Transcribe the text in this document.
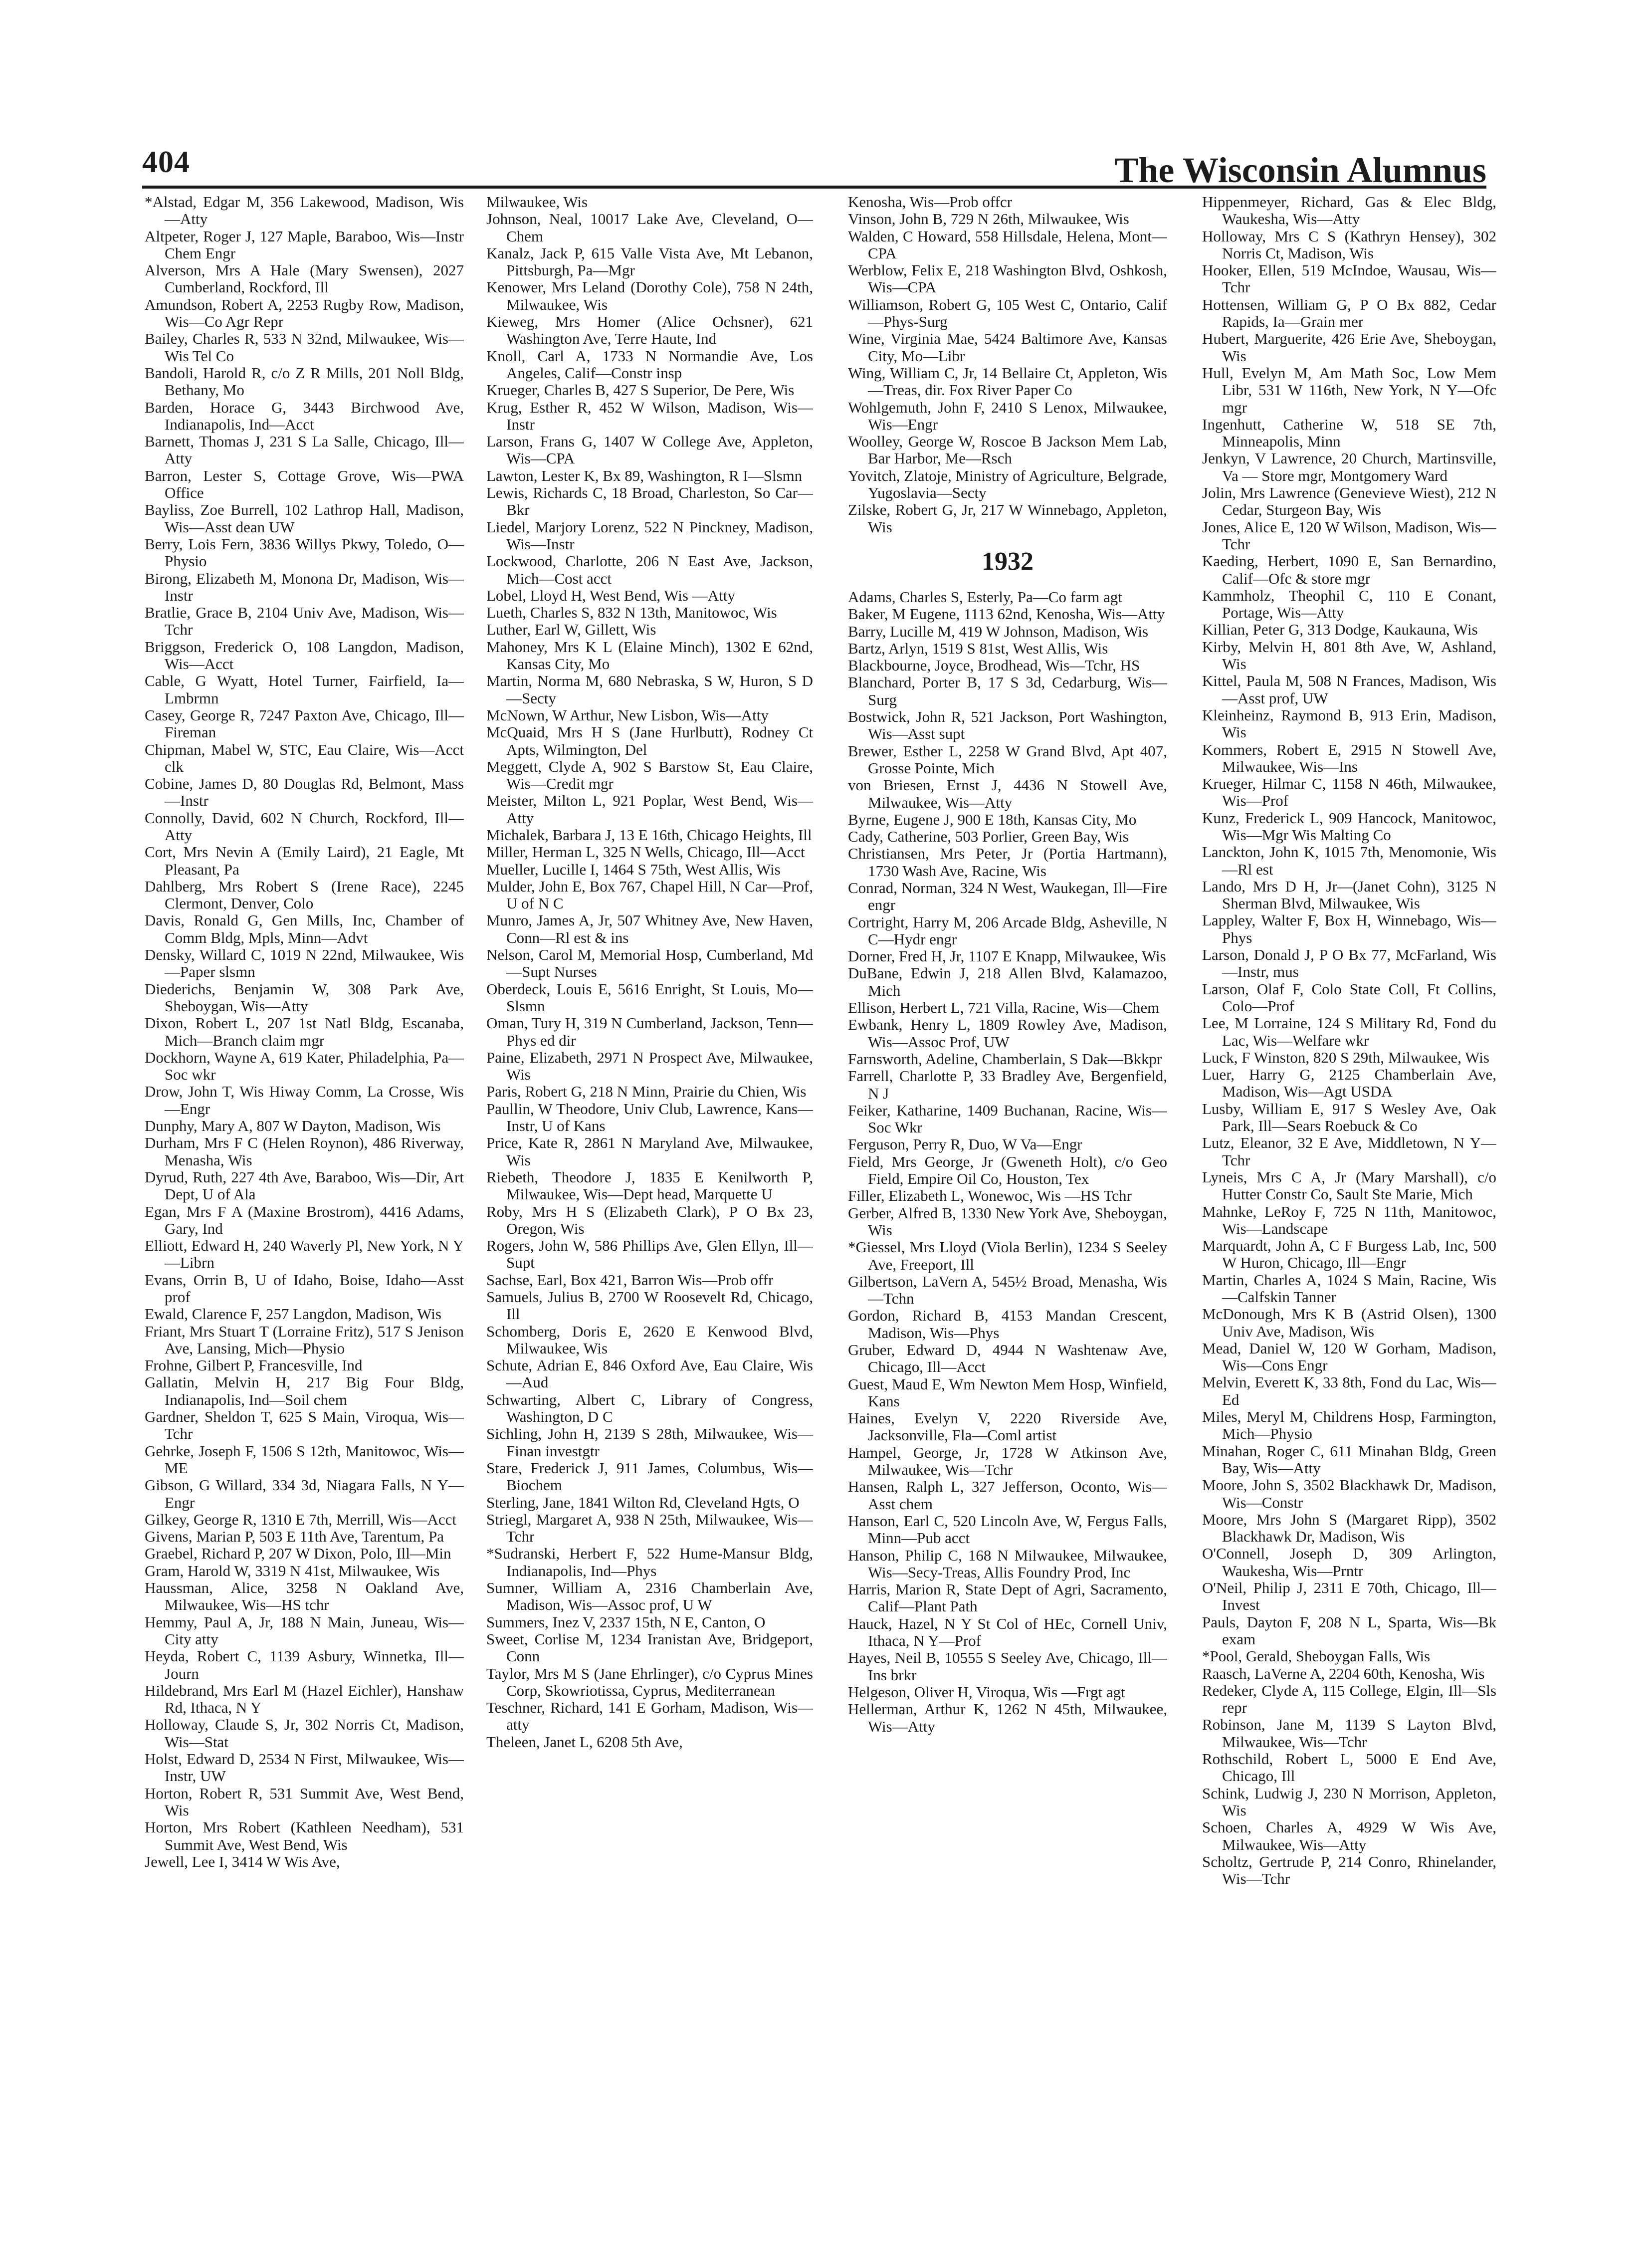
404	The Wisconsin Alumnus

*Alstad, Edgar M, 356 Lakewood, Madison, Wis—Atty

Altpeter, Roger J, 127 Maple, Baraboo, Wis—Instr Chem Engr

Alverson, Mrs A Hale (Mary Swensen), 2027 Cumberland, Rockford, Ill

Amundson, Robert A, 2253 Rugby Row, Madison, Wis—Co Agr Repr

Bailey, Charles R, 533 N 32nd, Milwaukee, Wis—Wis Tel Co

Bandoli, Harold R, c/o Z R Mills, 201 Noll Bldg, Bethany, Mo

Barden, Horace G, 3443 Birchwood Ave, Indianapolis, Ind—Acct

Barnett, Thomas J, 231 S La Salle, Chicago, Ill—Atty

Barron, Lester S, Cottage Grove, Wis—PWA Office

Bayliss, Zoe Burrell, 102 Lathrop Hall, Madison, Wis—Asst dean UW

Berry, Lois Fern, 3836 Willys Pkwy, Toledo, O—Physio

Birong, Elizabeth M, Monona Dr, Madison, Wis—Instr

Bratlie, Grace B, 2104 Univ Ave, Madison, Wis—Tchr

Briggson, Frederick O, 108 Langdon, Madison, Wis—Acct

Cable, G Wyatt, Hotel Turner, Fairfield, Ia—Lmbrmn

Casey, George R, 7247 Paxton Ave, Chicago, Ill—Fireman

Chipman, Mabel W, STC, Eau Claire, Wis—Acct clk

Cobine, James D, 80 Douglas Rd, Belmont, Mass—Instr

Connolly, David, 602 N Church, Rockford, Ill—Atty

Cort, Mrs Nevin A (Emily Laird), 21 Eagle, Mt Pleasant, Pa

Dahlberg, Mrs Robert S (Irene Race), 2245 Clermont, Denver, Colo

Davis, Ronald G, Gen Mills, Inc, Chamber of Comm Bldg, Mpls, Minn—Advt

Densky, Willard C, 1019 N 22nd, Milwaukee, Wis—Paper slsmn

Diederichs, Benjamin W, 308 Park Ave, Sheboygan, Wis—Atty

Dixon, Robert L, 207 1st Natl Bldg, Escanaba, Mich—Branch claim mgr

Dockhorn, Wayne A, 619 Kater, Philadelphia, Pa—Soc wkr

Drow, John T, Wis Hiway Comm, La Crosse, Wis—Engr

Dunphy, Mary A, 807 W Dayton, Madison, Wis

Durham, Mrs F C (Helen Roynon), 486 Riverway, Menasha, Wis

Dyrud, Ruth, 227 4th Ave, Baraboo, Wis—Dir, Art Dept, U of Ala

Egan, Mrs F A (Maxine Brostrom), 4416 Adams, Gary, Ind

Elliott, Edward H, 240 Waverly Pl, New York, N Y—Librn

Evans, Orrin B, U of Idaho, Boise, Idaho—Asst prof

Ewald, Clarence F, 257 Langdon, Madison, Wis

Friant, Mrs Stuart T (Lorraine Fritz), 517 S Jenison Ave, Lansing, Mich—Physio

Frohne, Gilbert P, Francesville, Ind

Gallatin, Melvin H, 217 Big Four Bldg, Indianapolis, Ind—Soil chem

Gardner, Sheldon T, 625 S Main, Viroqua, Wis—Tchr

Gehrke, Joseph F, 1506 S 12th, Manitowoc, Wis—ME

Gibson, G Willard, 334 3d, Niagara Falls, N Y—Engr

Gilkey, George R, 1310 E 7th, Merrill, Wis—Acct

Givens, Marian P, 503 E 11th Ave, Tarentum, Pa

Graebel, Richard P, 207 W Dixon, Polo, Ill—Min

Gram, Harold W, 3319 N 41st, Milwaukee, Wis

Haussman, Alice, 3258 N Oakland Ave, Milwaukee, Wis—HS tchr

Hemmy, Paul A, Jr, 188 N Main, Juneau, Wis—City atty

Heyda, Robert C, 1139 Asbury, Winnetka, Ill—Journ

Hildebrand, Mrs Earl M (Hazel Eichler), Hanshaw Rd, Ithaca, N Y

Holloway, Claude S, Jr, 302 Norris Ct, Madison, Wis—Stat

Holst, Edward D, 2534 N First, Milwaukee, Wis—Instr, UW

Horton, Robert R, 531 Summit Ave, West Bend, Wis

Horton, Mrs Robert (Kathleen Needham), 531 Summit Ave, West Bend, Wis

Jewell, Lee I, 3414 W Wis Ave,

Milwaukee, Wis

Johnson, Neal, 10017 Lake Ave, Cleveland, O—Chem

Kanalz, Jack P, 615 Valle Vista Ave, Mt Lebanon, Pittsburgh, Pa—Mgr

Kenower, Mrs Leland (Dorothy Cole), 758 N 24th, Milwaukee, Wis

Kieweg, Mrs Homer (Alice Ochsner), 621 Washington Ave, Terre Haute, Ind

Knoll, Carl A, 1733 N Normandie Ave, Los Angeles, Calif—Constr insp

Krueger, Charles B, 427 S Superior, De Pere, Wis

Krug, Esther R, 452 W Wilson, Madison, Wis—Instr

Larson, Frans G, 1407 W College Ave, Appleton, Wis—CPA

Lawton, Lester K, Bx 89, Washington, R I—Slsmn

Lewis, Richards C, 18 Broad, Charleston, So Car—Bkr

Liedel, Marjory Lorenz, 522 N Pinckney, Madison, Wis—Instr

Lockwood, Charlotte, 206 N East Ave, Jackson, Mich—Cost acct

Lobel, Lloyd H, West Bend, Wis —Atty

Lueth, Charles S, 832 N 13th, Manitowoc, Wis

Luther, Earl W, Gillett, Wis

Mahoney, Mrs K L (Elaine Minch), 1302 E 62nd, Kansas City, Mo

Martin, Norma M, 680 Nebraska, S W, Huron, S D—Secty

McNown, W Arthur, New Lisbon, Wis—Atty

McQuaid, Mrs H S (Jane Hurlbutt), Rodney Ct Apts, Wilmington, Del

Meggett, Clyde A, 902 S Barstow St, Eau Claire, Wis—Credit mgr

Meister, Milton L, 921 Poplar, West Bend, Wis—Atty

Michalek, Barbara J, 13 E 16th, Chicago Heights, Ill

Miller, Herman L, 325 N Wells, Chicago, Ill—Acct

Mueller, Lucille I, 1464 S 75th, West Allis, Wis

Mulder, John E, Box 767, Chapel Hill, N Car—Prof, U of N C

Munro, James A, Jr, 507 Whitney Ave, New Haven, Conn—Rl est & ins

Nelson, Carol M, Memorial Hosp, Cumberland, Md—Supt Nurses

Oberdeck, Louis E, 5616 Enright, St Louis, Mo—Slsmn

Oman, Tury H, 319 N Cumberland, Jackson, Tenn—Phys ed dir

Paine, Elizabeth, 2971 N Prospect Ave, Milwaukee, Wis

Paris, Robert G, 218 N Minn, Prairie du Chien, Wis

Paullin, W Theodore, Univ Club, Lawrence, Kans—Instr, U of Kans

Price, Kate R, 2861 N Maryland Ave, Milwaukee, Wis

Riebeth, Theodore J, 1835 E Kenilworth P, Milwaukee, Wis—Dept head, Marquette U

Roby, Mrs H S (Elizabeth Clark), P O Bx 23, Oregon, Wis

Rogers, John W, 586 Phillips Ave, Glen Ellyn, Ill—Supt

Sachse, Earl, Box 421, Barron Wis—Prob offr

Samuels, Julius B, 2700 W Roosevelt Rd, Chicago, Ill

Schomberg, Doris E, 2620 E Kenwood Blvd, Milwaukee, Wis

Schute, Adrian E, 846 Oxford Ave, Eau Claire, Wis—Aud

Schwarting, Albert C, Library of Congress, Washington, D C

Sichling, John H, 2139 S 28th, Milwaukee, Wis—Finan investgtr

Stare, Frederick J, 911 James, Columbus, Wis—Biochem

Sterling, Jane, 1841 Wilton Rd, Cleveland Hgts, O

Striegl, Margaret A, 938 N 25th, Milwaukee, Wis—Tchr

*Sudranski, Herbert F, 522 Hume-Mansur Bldg, Indianapolis, Ind—Phys

Sumner, William A, 2316 Chamberlain Ave, Madison, Wis—Assoc prof, U W

Summers, Inez V, 2337 15th, N E, Canton, O

Sweet, Corlise M, 1234 Iranistan Ave, Bridgeport, Conn

Taylor, Mrs M S (Jane Ehrlinger), c/o Cyprus Mines Corp, Skowriotissa, Cyprus, Mediterranean

Teschner, Richard, 141 E Gorham, Madison, Wis—atty

Theleen, Janet L, 6208 5th Ave,

Kenosha, Wis—Prob offcr

Vinson, John B, 729 N 26th, Milwaukee, Wis

Walden, C Howard, 558 Hillsdale, Helena, Mont—CPA

Werblow, Felix E, 218 Washington Blvd, Oshkosh, Wis—CPA

Williamson, Robert G, 105 West C, Ontario, Calif—Phys-Surg

Wine, Virginia Mae, 5424 Baltimore Ave, Kansas City, Mo—Libr

Wing, William C, Jr, 14 Bellaire Ct, Appleton, Wis—Treas, dir. Fox River Paper Co

Wohlgemuth, John F, 2410 S Lenox, Milwaukee, Wis—Engr

Woolley, George W, Roscoe B Jackson Mem Lab, Bar Harbor, Me—Rsch

Yovitch, Zlatoje, Ministry of Agriculture, Belgrade, Yugoslavia—Secty

Zilske, Robert G, Jr, 217 W Winnebago, Appleton, Wis

1932

Adams, Charles S, Esterly, Pa—Co farm agt

Baker, M Eugene, 1113 62nd, Kenosha, Wis—Atty

Barry, Lucille M, 419 W Johnson, Madison, Wis

Bartz, Arlyn, 1519 S 81st, West Allis, Wis

Blackbourne, Joyce, Brodhead, Wis—Tchr, HS

Blanchard, Porter B, 17 S 3d, Cedarburg, Wis—Surg

Bostwick, John R, 521 Jackson, Port Washington, Wis—Asst supt

Brewer, Esther L, 2258 W Grand Blvd, Apt 407, Grosse Pointe, Mich

von Briesen, Ernst J, 4436 N Stowell Ave, Milwaukee, Wis—Atty

Byrne, Eugene J, 900 E 18th, Kansas City, Mo

Cady, Catherine, 503 Porlier, Green Bay, Wis

Christiansen, Mrs Peter, Jr (Portia Hartmann), 1730 Wash Ave, Racine, Wis

Conrad, Norman, 324 N West, Waukegan, Ill—Fire engr

Cortright, Harry M, 206 Arcade Bldg, Asheville, N C—Hydr engr

Dorner, Fred H, Jr, 1107 E Knapp, Milwaukee, Wis

DuBane, Edwin J, 218 Allen Blvd, Kalamazoo, Mich

Ellison, Herbert L, 721 Villa, Racine, Wis—Chem

Ewbank, Henry L, 1809 Rowley Ave, Madison, Wis—Assoc Prof, UW

Farnsworth, Adeline, Chamberlain, S Dak—Bkkpr

Farrell, Charlotte P, 33 Bradley Ave, Bergenfield, N J

Feiker, Katharine, 1409 Buchanan, Racine, Wis—Soc Wkr

Ferguson, Perry R, Duo, W Va—Engr

Field, Mrs George, Jr (Gweneth Holt), c/o Geo Field, Empire Oil Co, Houston, Tex

Filler, Elizabeth L, Wonewoc, Wis —HS Tchr

Gerber, Alfred B, 1330 New York Ave, Sheboygan, Wis

*Giessel, Mrs Lloyd (Viola Berlin), 1234 S Seeley Ave, Freeport, Ill

Gilbertson, LaVern A, 545½ Broad, Menasha, Wis—Tchn

Gordon, Richard B, 4153 Mandan Crescent, Madison, Wis—Phys

Gruber, Edward D, 4944 N Washtenaw Ave, Chicago, Ill—Acct

Guest, Maud E, Wm Newton Mem Hosp, Winfield, Kans

Haines, Evelyn V, 2220 Riverside Ave, Jacksonville, Fla—Coml artist

Hampel, George, Jr, 1728 W Atkinson Ave, Milwaukee, Wis—Tchr

Hansen, Ralph L, 327 Jefferson, Oconto, Wis—Asst chem

Hanson, Earl C, 520 Lincoln Ave, W, Fergus Falls, Minn—Pub acct

Hanson, Philip C, 168 N Milwaukee, Milwaukee, Wis—Secy-Treas, Allis Foundry Prod, Inc

Harris, Marion R, State Dept of Agri, Sacramento, Calif—Plant Path

Hauck, Hazel, N Y St Col of HEc, Cornell Univ, Ithaca, N Y—Prof

Hayes, Neil B, 10555 S Seeley Ave, Chicago, Ill—Ins brkr

Helgeson, Oliver H, Viroqua, Wis —Frgt agt

Hellerman, Arthur K, 1262 N 45th, Milwaukee, Wis—Atty

Hippenmeyer, Richard, Gas & Elec Bldg, Waukesha, Wis—Atty

Holloway, Mrs C S (Kathryn Hensey), 302 Norris Ct, Madison, Wis

Hooker, Ellen, 519 McIndoe, Wausau, Wis—Tchr

Hottensen, William G, P O Bx 882, Cedar Rapids, Ia—Grain mer

Hubert, Marguerite, 426 Erie Ave, Sheboygan, Wis

Hull, Evelyn M, Am Math Soc, Low Mem Libr, 531 W 116th, New York, N Y—Ofc mgr

Ingenhutt, Catherine W, 518 SE 7th, Minneapolis, Minn

Jenkyn, V Lawrence, 20 Church, Martinsville, Va — Store mgr, Montgomery Ward

Jolin, Mrs Lawrence (Genevieve Wiest), 212 N Cedar, Sturgeon Bay, Wis

Jones, Alice E, 120 W Wilson, Madison, Wis—Tchr

Kaeding, Herbert, 1090 E, San Bernardino, Calif—Ofc & store mgr

Kammholz, Theophil C, 110 E Conant, Portage, Wis—Atty

Killian, Peter G, 313 Dodge, Kaukauna, Wis

Kirby, Melvin H, 801 8th Ave, W, Ashland, Wis

Kittel, Paula M, 508 N Frances, Madison, Wis—Asst prof, UW

Kleinheinz, Raymond B, 913 Erin, Madison, Wis

Kommers, Robert E, 2915 N Stowell Ave, Milwaukee, Wis—Ins

Krueger, Hilmar C, 1158 N 46th, Milwaukee, Wis—Prof

Kunz, Frederick L, 909 Hancock, Manitowoc, Wis—Mgr Wis Malting Co

Lanckton, John K, 1015 7th, Menomonie, Wis—Rl est

Lando, Mrs D H, Jr—(Janet Cohn), 3125 N Sherman Blvd, Milwaukee, Wis

Lappley, Walter F, Box H, Winnebago, Wis—Phys

Larson, Donald J, P O Bx 77, McFarland, Wis—Instr, mus

Larson, Olaf F, Colo State Coll, Ft Collins, Colo—Prof

Lee, M Lorraine, 124 S Military Rd, Fond du Lac, Wis—Welfare wkr

Luck, F Winston, 820 S 29th, Milwaukee, Wis

Luer, Harry G, 2125 Chamberlain Ave, Madison, Wis—Agt USDA

Lusby, William E, 917 S Wesley Ave, Oak Park, Ill—Sears Roebuck & Co

Lutz, Eleanor, 32 E Ave, Middletown, N Y—Tchr

Lyneis, Mrs C A, Jr (Mary Marshall), c/o Hutter Constr Co, Sault Ste Marie, Mich

Mahnke, LeRoy F, 725 N 11th, Manitowoc, Wis—Landscape

Marquardt, John A, C F Burgess Lab, Inc, 500 W Huron, Chicago, Ill—Engr

Martin, Charles A, 1024 S Main, Racine, Wis—Calfskin Tanner

McDonough, Mrs K B (Astrid Olsen), 1300 Univ Ave, Madison, Wis

Mead, Daniel W, 120 W Gorham, Madison, Wis—Cons Engr

Melvin, Everett K, 33 8th, Fond du Lac, Wis—Ed

Miles, Meryl M, Childrens Hosp, Farmington, Mich—Physio

Minahan, Roger C, 611 Minahan Bldg, Green Bay, Wis—Atty

Moore, John S, 3502 Blackhawk Dr, Madison, Wis—Constr

Moore, Mrs John S (Margaret Ripp), 3502 Blackhawk Dr, Madison, Wis

O'Connell, Joseph D, 309 Arlington, Waukesha, Wis—Prntr

O'Neil, Philip J, 2311 E 70th, Chicago, Ill—Invest

Pauls, Dayton F, 208 N L, Sparta, Wis—Bk exam

*Pool, Gerald, Sheboygan Falls, Wis

Raasch, LaVerne A, 2204 60th, Kenosha, Wis

Redeker, Clyde A, 115 College, Elgin, Ill—Sls repr

Robinson, Jane M, 1139 S Layton Blvd, Milwaukee, Wis—Tchr

Rothschild, Robert L, 5000 E End Ave, Chicago, Ill

Schink, Ludwig J, 230 N Morrison, Appleton, Wis

Schoen, Charles A, 4929 W Wis Ave, Milwaukee, Wis—Atty

Scholtz, Gertrude P, 214 Conro, Rhinelander, Wis—Tchr
